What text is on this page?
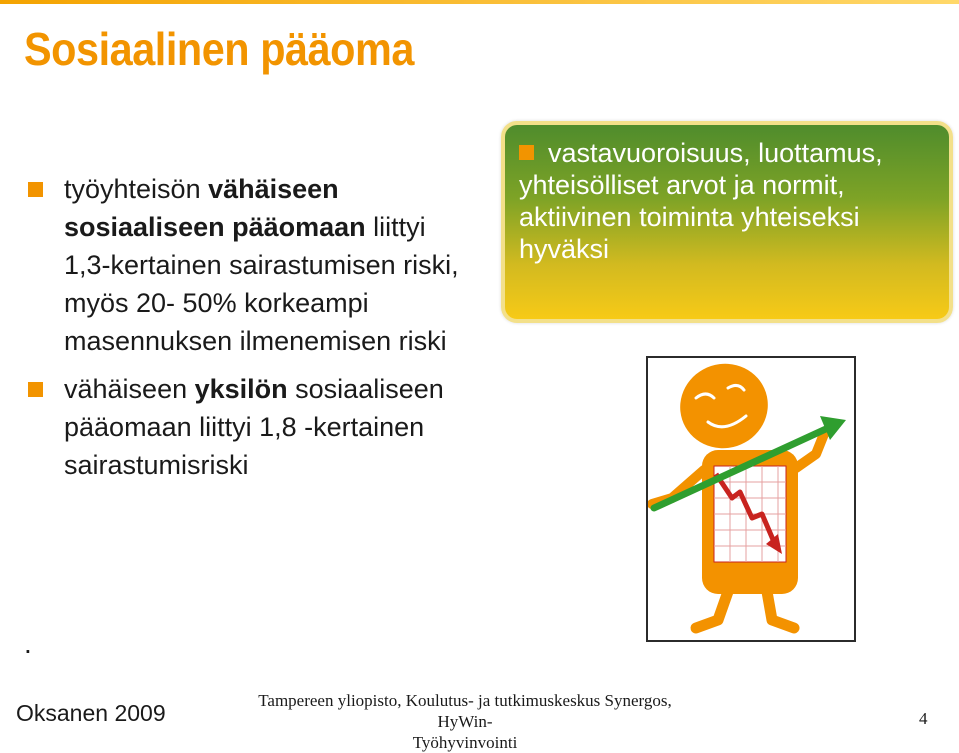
Sosiaalinen pääoma
työyhteisön vähäiseen sosiaaliseen pääomaan liittyi 1,3-kertainen sairastumisen riski, myös 20- 50% korkeampi masennuksen ilmenemisen riski
vähäiseen yksilön sosiaaliseen pääomaan liittyi 1,8 -kertainen sairastumisriski
.
vastavuoroisuus, luottamus, yhteisölliset arvot ja normit, aktiivinen toiminta yhteiseksi hyväksi
Oksanen 2009	Tampereen yliopisto, Koulutus- ja tutkimuskeskus Synergos, HyWin-
Työhyvinvointi
4
